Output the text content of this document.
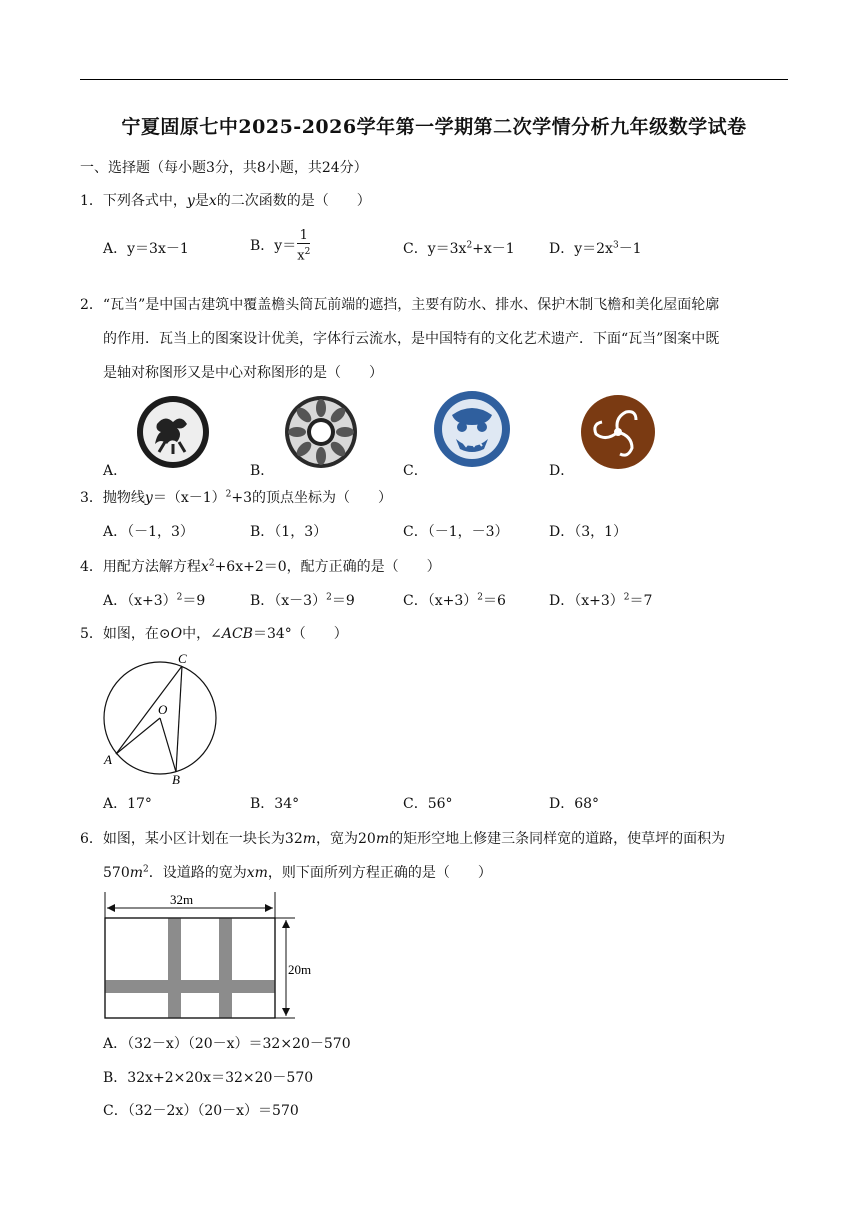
宁夏固原七中2025-2026学年第一学期第二次学情分析九年级数学试卷
一、选择题（每小题3分，共8小题，共24分）
1．下列各式中，y是x的二次函数的是（　　）
A．y＝3x－1	B．$y= \frac{1}{x^2}$	C．$y=3x^2+x-1$ D．$y=2x^3-1$
2．“瓦当”是中国古建筑中覆盖檐头筒瓦前端的遮挡，主要有防水、排水、保护木制飞檐和美化屋面轮廓
的作用．瓦当上的图案设计优美，字体行云流水，是中国特有的文化艺术遗产．下面“瓦当”图案中既
是轴对称图形又是中心对称图形的是（　　）
A．	B．	C．	D．
3．抛物线$y=(x-1)^2+3$的顶点坐标为（　　）
A．（－1，3）	B．（1，3）	C．（－1，－3）	D．（3，1）
4．用配方法解方程$x^2+6x+2=0$，配方正确的是（　　）
A．$(x+3)^2=9$	B．$(x-3)^2=9$	C．$(x+3)^2=6$	D．$(x+3)^2=7$
5．如图，在⊙O中，∠ACB＝34°（　　）
C
O
A
B
A．17°	B．34°	C．56°	D．68°
6．如图，某小区计划在一块长为32m，宽为20m的矩形空地上修建三条同样宽的道路，使草坪的面积为
$570m^2$．设道路的宽为xm，则下面所列方程正确的是（　　）
32m
20m
A．（32－x）（20－x）＝32×20－570
B．32x+2×20x＝32×20－570
C．（32－2x）（20－x）＝570
